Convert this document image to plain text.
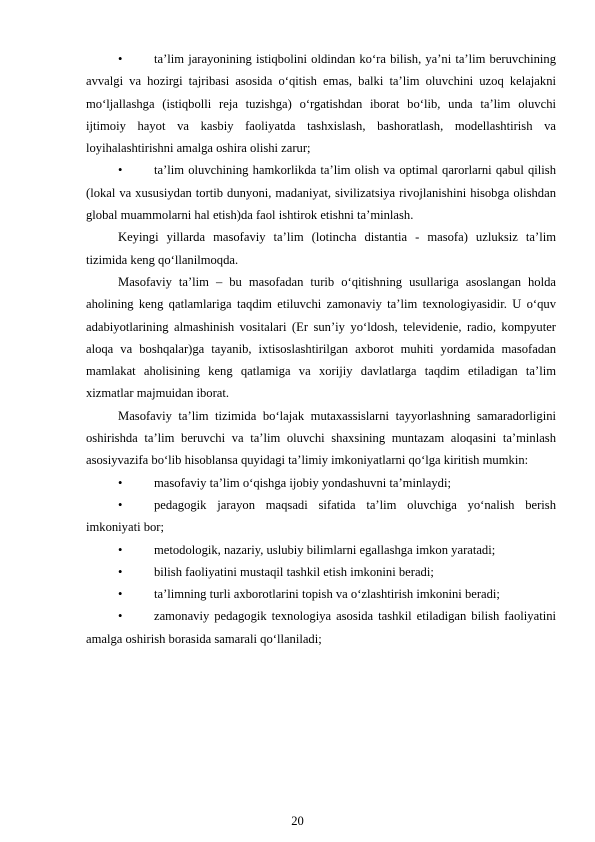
•	ta’lim jarayonining istiqbolini oldindan ko‘ra bilish, ya’ni ta’lim beruvchining avvalgi va hozirgi tajribasi asosida o‘qitish emas, balki ta’lim oluvchini uzoq kelajakni mo‘ljallashga (istiqbolli reja tuzishga) o‘rgatishdan iborat bo‘lib, unda ta’lim oluvchi ijtimoiy hayot va kasbiy faoliyatda tashxislash, bashoratlash, modellashtirish va loyihalashtirishni amalga oshira olishi zarur;

•	ta’lim oluvchining hamkorlikda ta’lim olish va optimal qarorlarni qabul qilish (lokal va xususiydan tortib dunyoni, madaniyat, sivilizatsiya rivojlanishini hisobga olishdan global muammolarni hal etish)da faol ishtirok etishni ta’minlash.

Keyingi yillarda masofaviy ta’lim (lotincha distantia - masofa) uzluksiz ta’lim tizimida keng qo‘llanilmoqda.

Masofaviy ta’lim – bu masofadan turib o‘qitishning usullariga asoslangan holda aholining keng qatlamlariga taqdim etiluvchi zamonaviy ta’lim texnologiyasidir. U o‘quv adabiyotlarining almashinish vositalari (Er sun’iy yo‘ldosh, televidenie, radio, kompyuter aloqa va boshqalar)ga tayanib, ixtisoslashtirilgan axborot muhiti yordamida masofadan mamlakat aholisining keng qatlamiga va xorijiy davlatlarga taqdim etiladigan ta’lim xizmatlar majmuidan iborat.

Masofaviy ta’lim tizimida bo‘lajak mutaxassislarni tayyorlashning samaradorligini oshirishda ta’lim beruvchi va ta’lim oluvchi shaxsining muntazam aloqasini ta’minlash asosiyvazifa bo‘lib hisoblansa quyidagi ta’limiy imkoniyatlarni qo‘lga kiritish mumkin:

•	masofaviy ta’lim o‘qishga ijobiy yondashuvni ta’minlaydi;

•	pedagogik jarayon maqsadi sifatida ta’lim oluvchiga yo‘nalish berish imkoniyati bor;

•	metodologik, nazariy, uslubiy bilimlarni egallashga imkon yaratadi;

•	bilish faoliyatini mustaqil tashkil etish imkonini beradi;

•	ta’limning turli axborotlarini topish va o‘zlashtirish imkonini beradi;

•	zamonaviy pedagogik texnologiya asosida tashkil etiladigan bilish faoliyatini amalga oshirish borasida samarali qo‘llaniladi;

20
